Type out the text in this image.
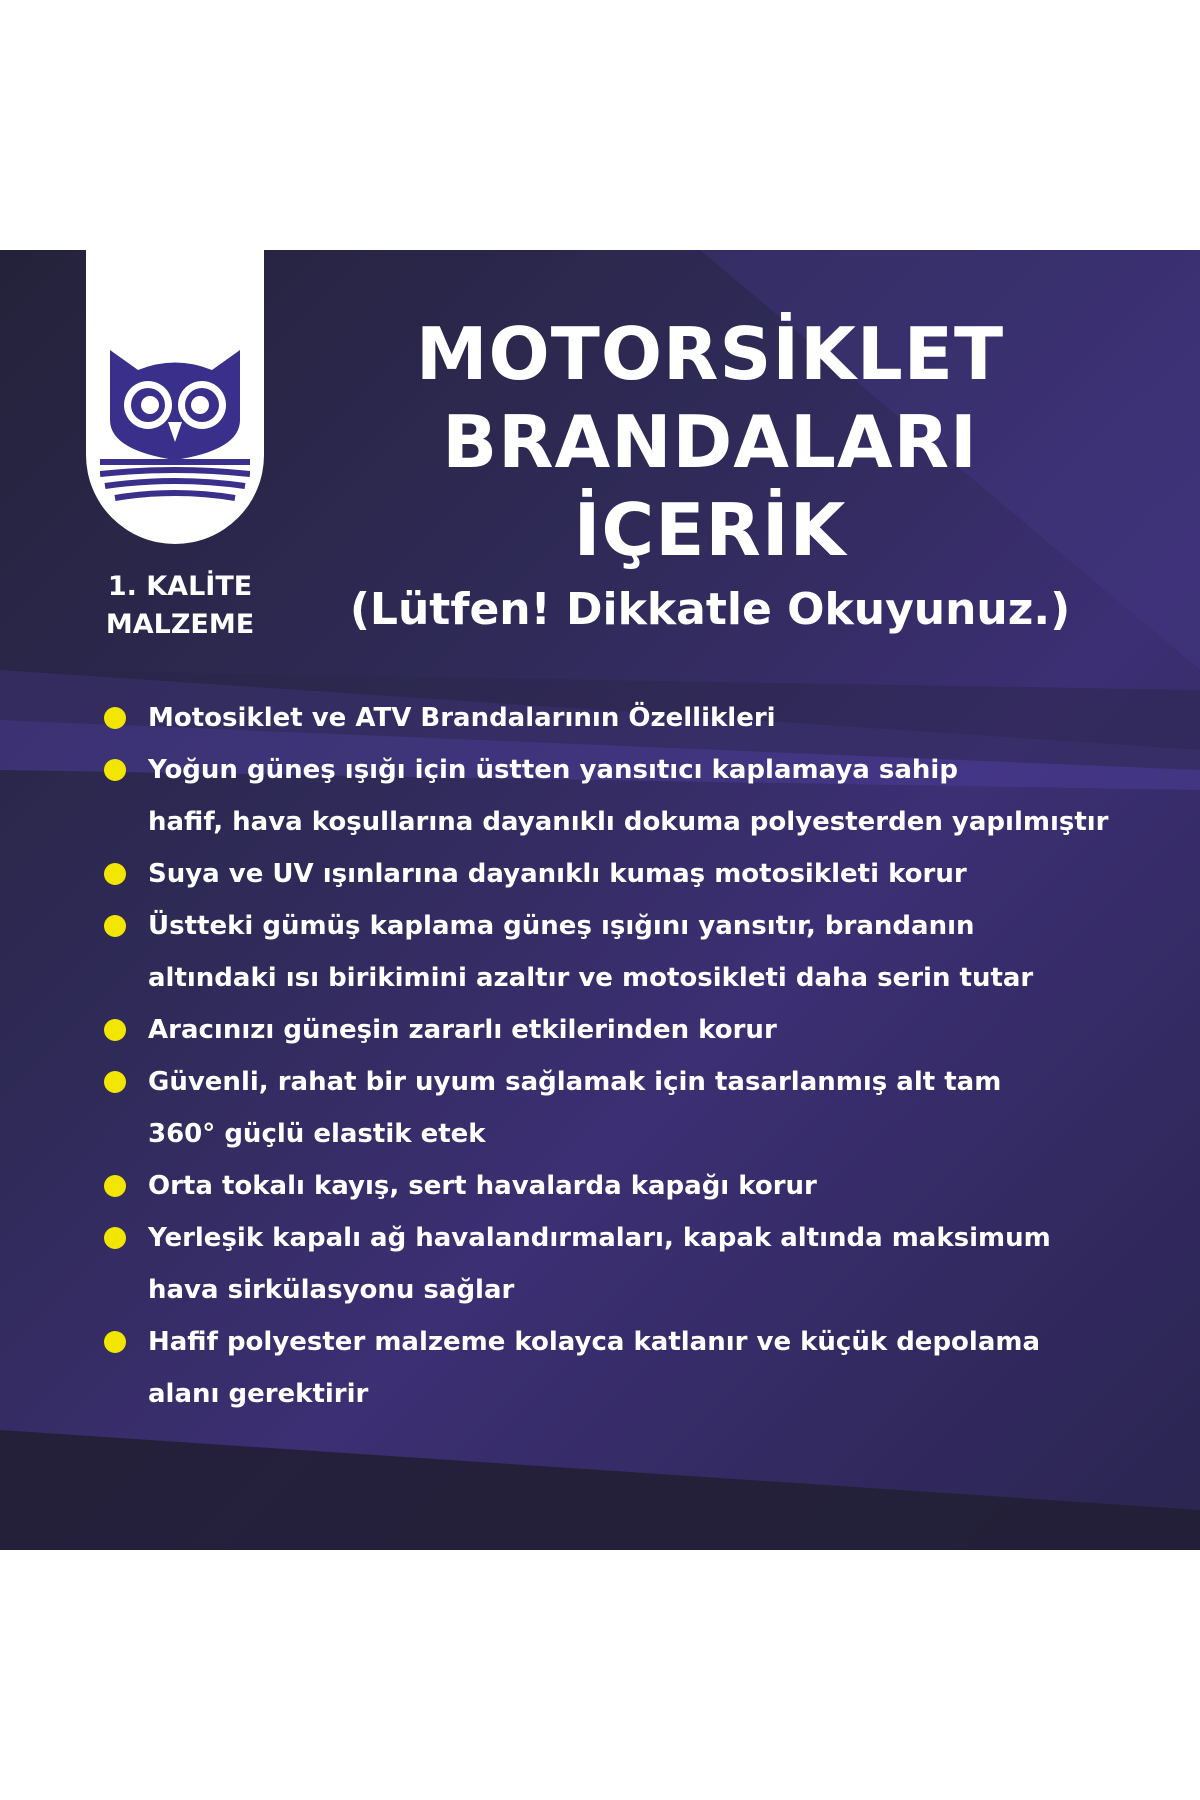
1. KALİTE
MALZEME
MOTORSİKLET
BRANDALARI İÇERİK
(Lütfen! Dikkatle Okuyunuz.)
Motosiklet ve ATV Brandalarının Özellikleri
Yoğun güneş ışığı için üstten yansıtıcı kaplamaya sahip
hafif, hava koşullarına dayanıklı dokuma polyesterden yapılmıştır
Suya ve UV ışınlarına dayanıklı kumaş motosikleti korur
Üstteki gümüş kaplama güneş ışığını yansıtır, brandanın
altındaki ısı birikimini azaltır ve motosikleti daha serin tutar
Aracınızı güneşin zararlı etkilerinden korur
Güvenli, rahat bir uyum sağlamak için tasarlanmış alt tam
360° güçlü elastik etek
Orta tokalı kayış, sert havalarda kapağı korur
Yerleşik kapalı ağ havalandırmaları, kapak altında maksimum
hava sirkülasyonu sağlar
Hafif polyester malzeme kolayca katlanır ve küçük depolama
alanı gerektirir
